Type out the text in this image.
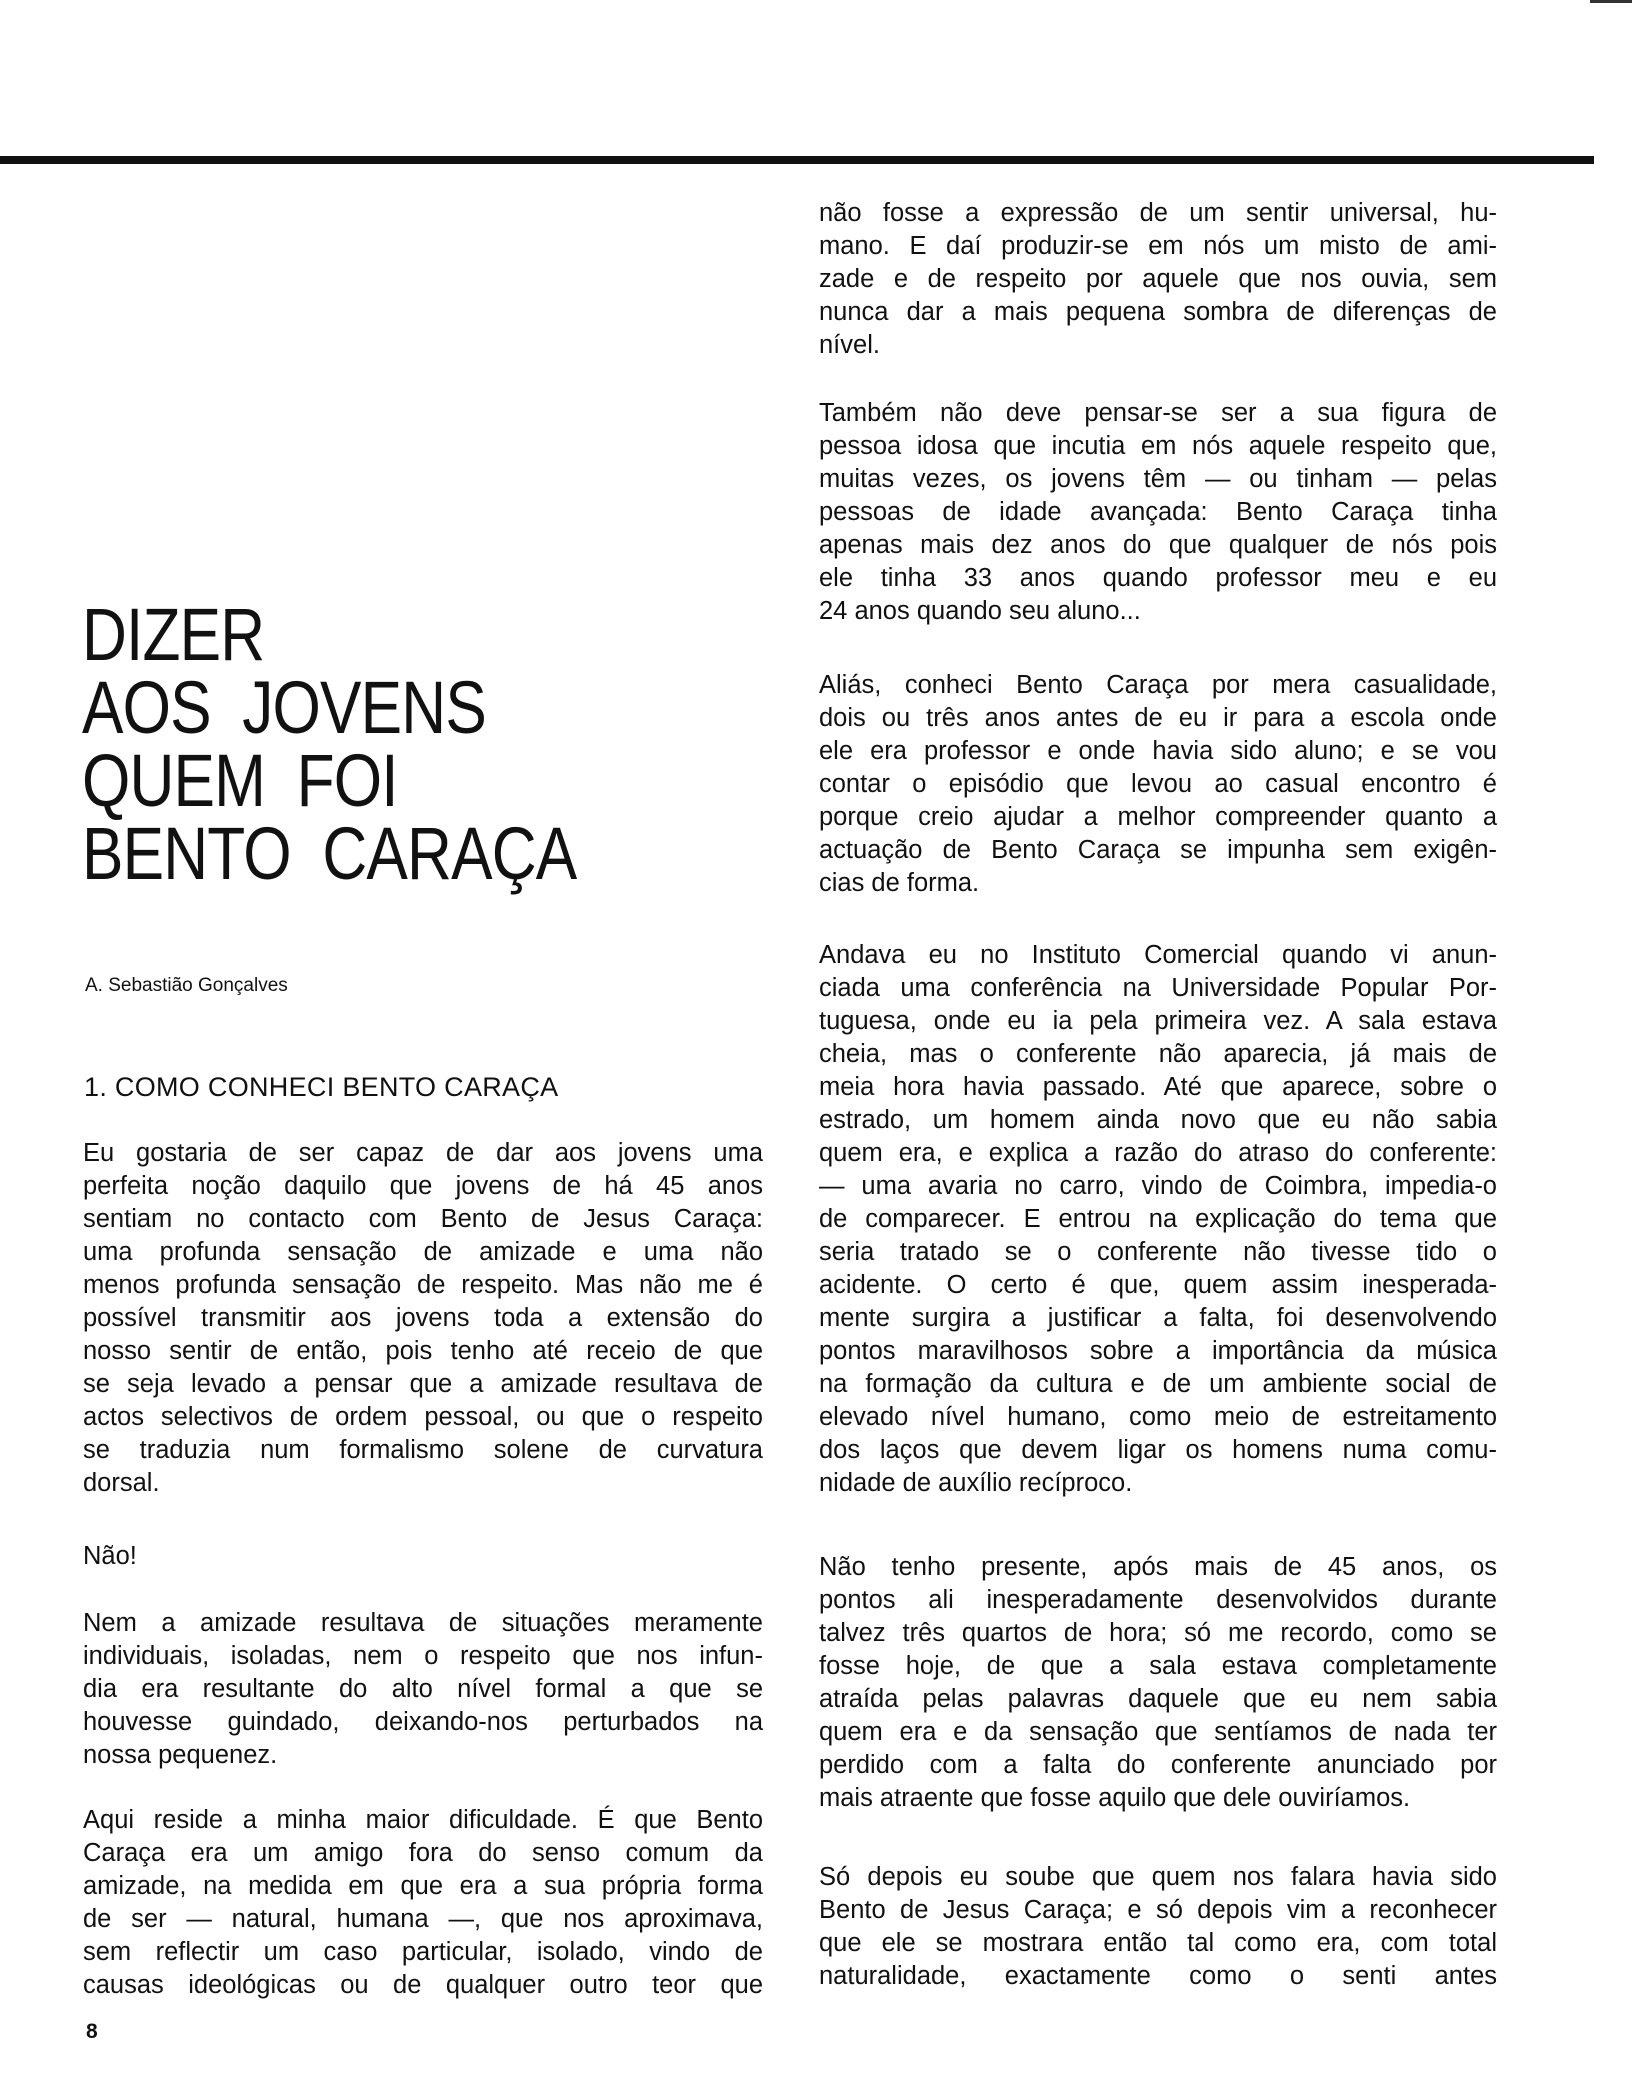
DIZER
AOS JOVENS
QUEM FOI
BENTO CARAÇA
A. Sebastião Gonçalves
1. COMO CONHECI BENTO CARAÇA
Eu gostaria de ser capaz de dar aos jovens uma
perfeita noção daquilo que jovens de há 45 anos
sentiam no contacto com Bento de Jesus Caraça:
uma profunda sensação de amizade e uma não
menos profunda sensação de respeito. Mas não me é
possível transmitir aos jovens toda a extensão do
nosso sentir de então, pois tenho até receio de que
se seja levado a pensar que a amizade resultava de
actos selectivos de ordem pessoal, ou que o respeito
se traduzia num formalismo solene de curvatura
dorsal.
Não!
Nem a amizade resultava de situações meramente
individuais, isoladas, nem o respeito que nos infun-
dia era resultante do alto nível formal a que se
houvesse guindado, deixando-nos perturbados na
nossa pequenez.
Aqui reside a minha maior dificuldade. É que Bento
Caraça era um amigo fora do senso comum da
amizade, na medida em que era a sua própria forma
de ser — natural, humana —, que nos aproximava,
sem reflectir um caso particular, isolado, vindo de
causas ideológicas ou de qualquer outro teor que
não fosse a expressão de um sentir universal, hu-
mano. E daí produzir-se em nós um misto de ami-
zade e de respeito por aquele que nos ouvia, sem
nunca dar a mais pequena sombra de diferenças de
nível.
Também não deve pensar-se ser a sua figura de
pessoa idosa que incutia em nós aquele respeito que,
muitas vezes, os jovens têm — ou tinham — pelas
pessoas de idade avançada: Bento Caraça tinha
apenas mais dez anos do que qualquer de nós pois
ele tinha 33 anos quando professor meu e eu
24 anos quando seu aluno...
Aliás, conheci Bento Caraça por mera casualidade,
dois ou três anos antes de eu ir para a escola onde
ele era professor e onde havia sido aluno; e se vou
contar o episódio que levou ao casual encontro é
porque creio ajudar a melhor compreender quanto a
actuação de Bento Caraça se impunha sem exigên-
cias de forma.
Andava eu no Instituto Comercial quando vi anun-
ciada uma conferência na Universidade Popular Por-
tuguesa, onde eu ia pela primeira vez. A sala estava
cheia, mas o conferente não aparecia, já mais de
meia hora havia passado. Até que aparece, sobre o
estrado, um homem ainda novo que eu não sabia
quem era, e explica a razão do atraso do conferente:
— uma avaria no carro, vindo de Coimbra, impedia-o
de comparecer. E entrou na explicação do tema que
seria tratado se o conferente não tivesse tido o
acidente. O certo é que, quem assim inesperada-
mente surgira a justificar a falta, foi desenvolvendo
pontos maravilhosos sobre a importância da música
na formação da cultura e de um ambiente social de
elevado nível humano, como meio de estreitamento
dos laços que devem ligar os homens numa comu-
nidade de auxílio recíproco.
Não tenho presente, após mais de 45 anos, os
pontos ali inesperadamente desenvolvidos durante
talvez três quartos de hora; só me recordo, como se
fosse hoje, de que a sala estava completamente
atraída pelas palavras daquele que eu nem sabia
quem era e da sensação que sentíamos de nada ter
perdido com a falta do conferente anunciado por
mais atraente que fosse aquilo que dele ouviríamos.
Só depois eu soube que quem nos falara havia sido
Bento de Jesus Caraça; e só depois vim a reconhecer
que ele se mostrara então tal como era, com total
naturalidade, exactamente como o senti antes
8
